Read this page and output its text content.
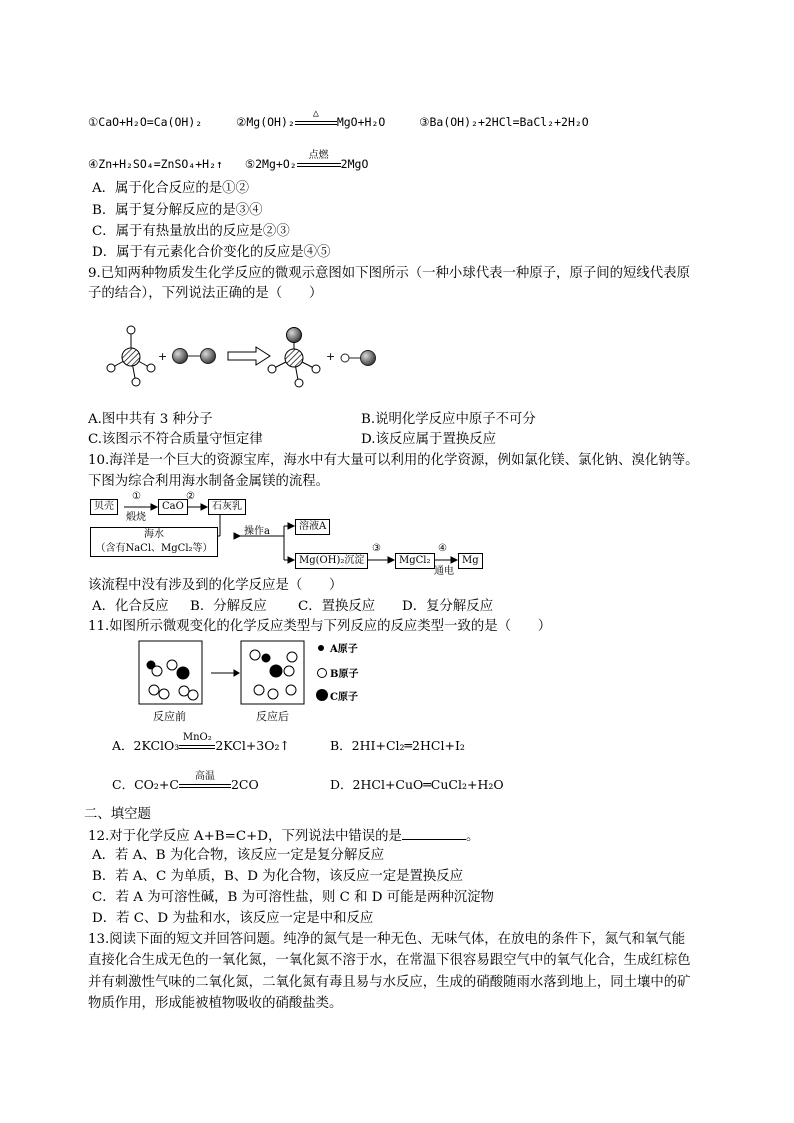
①CaO+H₂O=Ca(OH)₂	②Mg(OH)₂
△
MgO+H₂O	③Ba(OH)₂+2HCl=BaCl₂+2H₂O
④Zn+H₂SO₄=ZnSO₄+H₂↑ ⑤2Mg+O₂
点燃
2MgO
A．属于化合反应的是①②
B．属于复分解反应的是③④
C．属于有热量放出的反应是②③
D．属于有元素化合价变化的反应是④⑤
9.已知两种物质发生化学反应的微观示意图如下图所示（一种小球代表一种原子，原子间的短线代表原
子的结合），下列说法正确的是（　　）
+	+
A.图中共有 3 种分子	B.说明化学反应中原子不可分
C.该图示不符合质量守恒定律	D.该反应属于置换反应
10.海洋是一个巨大的资源宝库，海水中有大量可以利用的化学资源，例如氯化镁、氯化钠、溴化钠等。
下图为综合利用海水制备金属镁的流程。
贝壳
①
煅烧
CaO
②
石灰乳
海水
（含有NaCl、MgCl₂等）
操作a	溶液A
Mg(OH)₂沉淀
③
MgCl₂
④
通电
Mg
该流程中没有涉及到的化学反应是（　　）
A．化合反应 B．分解反应 C．置换反应 D．复分解反应
11.如图所示微观变化的化学反应类型与下列反应的反应类型一致的是（　　）
A原子
B原子
C原子
反应前	反应后
A．2KClO₃
MnO₂
2KCl+3O₂↑	B．2HI+Cl₂═2HCl+I₂
C．CO₂+C
高温
2CO	D．2HCl+CuO═CuCl₂+H₂O
二、填空题
12.对于化学反应 A+B=C+D，下列说法中错误的是	。
A．若 A、B 为化合物，该反应一定是复分解反应
B．若 A、C 为单质，B、D 为化合物，该反应一定是置换反应
C．若 A 为可溶性碱，B 为可溶性盐，则 C 和 D 可能是两种沉淀物
D．若 C、D 为盐和水，该反应一定是中和反应
13.阅读下面的短文并回答问题。纯净的氮气是一种无色、无味气体，在放电的条件下，氮气和氧气能
直接化合生成无色的一氧化氮，一氧化氮不溶于水，在常温下很容易跟空气中的氧气化合，生成红棕色
并有刺激性气味的二氧化氮，二氧化氮有毒且易与水反应，生成的硝酸随雨水落到地上，同土壤中的矿
物质作用，形成能被植物吸收的硝酸盐类。
